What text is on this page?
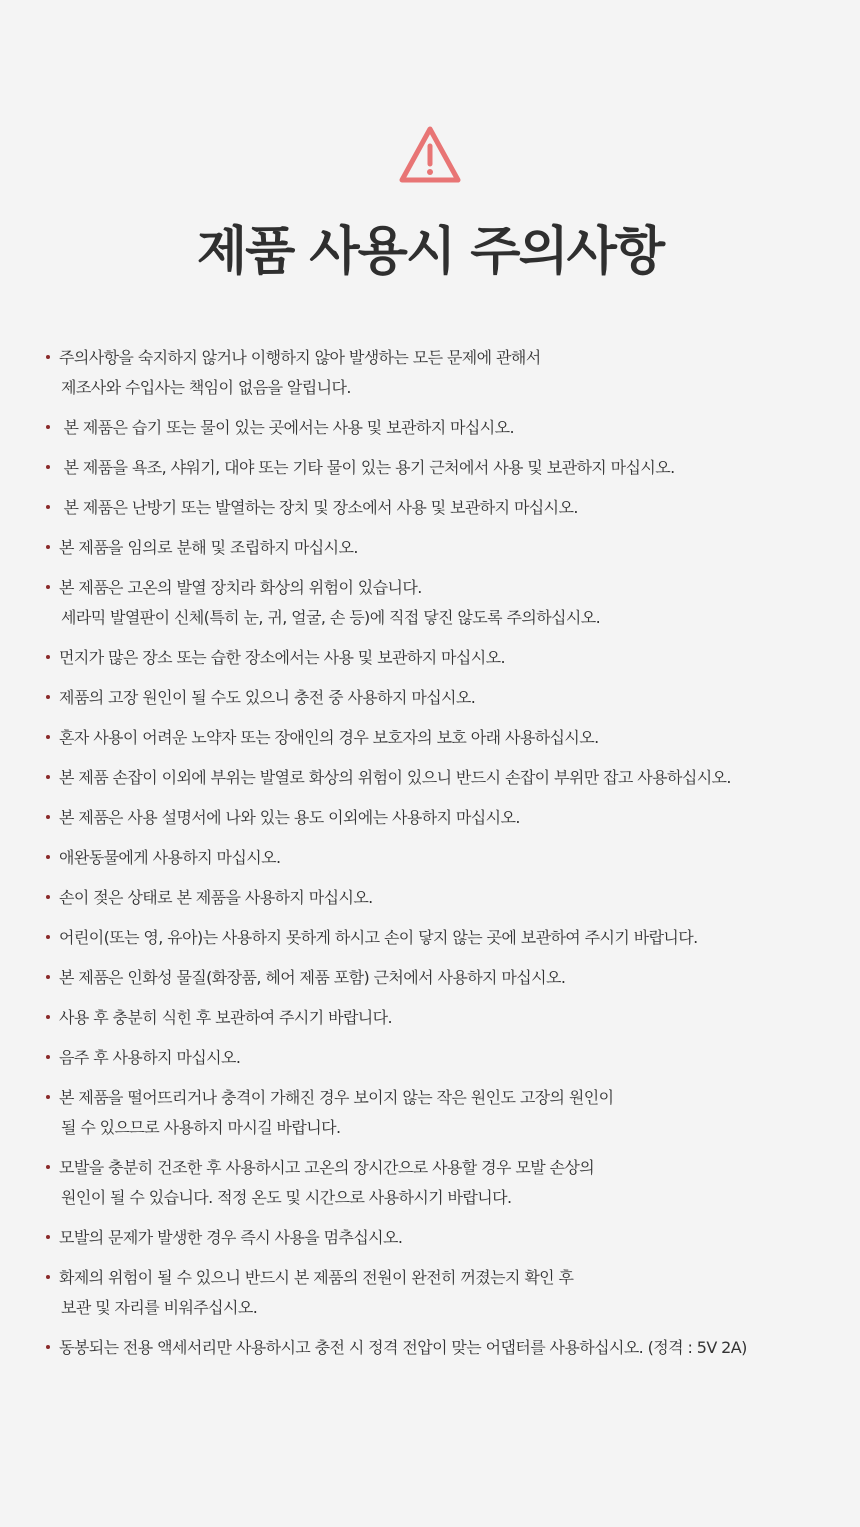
제품 사용시 주의사항
주의사항을 숙지하지 않거나 이행하지 않아 발생하는 모든 문제에 관해서
제조사와 수입사는 책임이 없음을 알립니다.
본 제품은 습기 또는 물이 있는 곳에서는 사용 및 보관하지 마십시오.
본 제품을 욕조, 샤워기, 대야 또는 기타 물이 있는 용기 근처에서 사용 및 보관하지 마십시오.
본 제품은 난방기 또는 발열하는 장치 및 장소에서 사용 및 보관하지 마십시오.
본 제품을 임의로 분해 및 조립하지 마십시오.
본 제품은 고온의 발열 장치라 화상의 위험이 있습니다.
세라믹 발열판이 신체(특히 눈, 귀, 얼굴, 손 등)에 직접 닿진 않도록 주의하십시오.
먼지가 많은 장소 또는 습한 장소에서는 사용 및 보관하지 마십시오.
제품의 고장 원인이 될 수도 있으니 충전 중 사용하지 마십시오.
혼자 사용이 어려운 노약자 또는 장애인의 경우 보호자의 보호 아래 사용하십시오.
본 제품 손잡이 이외에 부위는 발열로 화상의 위험이 있으니 반드시 손잡이 부위만 잡고 사용하십시오.
본 제품은 사용 설명서에 나와 있는 용도 이외에는 사용하지 마십시오.
애완동물에게 사용하지 마십시오.
손이 젖은 상태로 본 제품을 사용하지 마십시오.
어린이(또는 영, 유아)는 사용하지 못하게 하시고 손이 닿지 않는 곳에 보관하여 주시기 바랍니다.
본 제품은 인화성 물질(화장품, 헤어 제품 포함) 근처에서 사용하지 마십시오.
사용 후 충분히 식힌 후 보관하여 주시기 바랍니다.
음주 후 사용하지 마십시오.
본 제품을 떨어뜨리거나 충격이 가해진 경우 보이지 않는 작은 원인도 고장의 원인이
될 수 있으므로 사용하지 마시길 바랍니다.
모발을 충분히 건조한 후 사용하시고 고온의 장시간으로 사용할 경우 모발 손상의
원인이 될 수 있습니다. 적정 온도 및 시간으로 사용하시기 바랍니다.
모발의 문제가 발생한 경우 즉시 사용을 멈추십시오.
화제의 위험이 될 수 있으니 반드시 본 제품의 전원이 완전히 꺼졌는지 확인 후
보관 및 자리를 비워주십시오.
동봉되는 전용 액세서리만 사용하시고 충전 시 정격 전압이 맞는 어댑터를 사용하십시오. (정격 : 5V 2A)
